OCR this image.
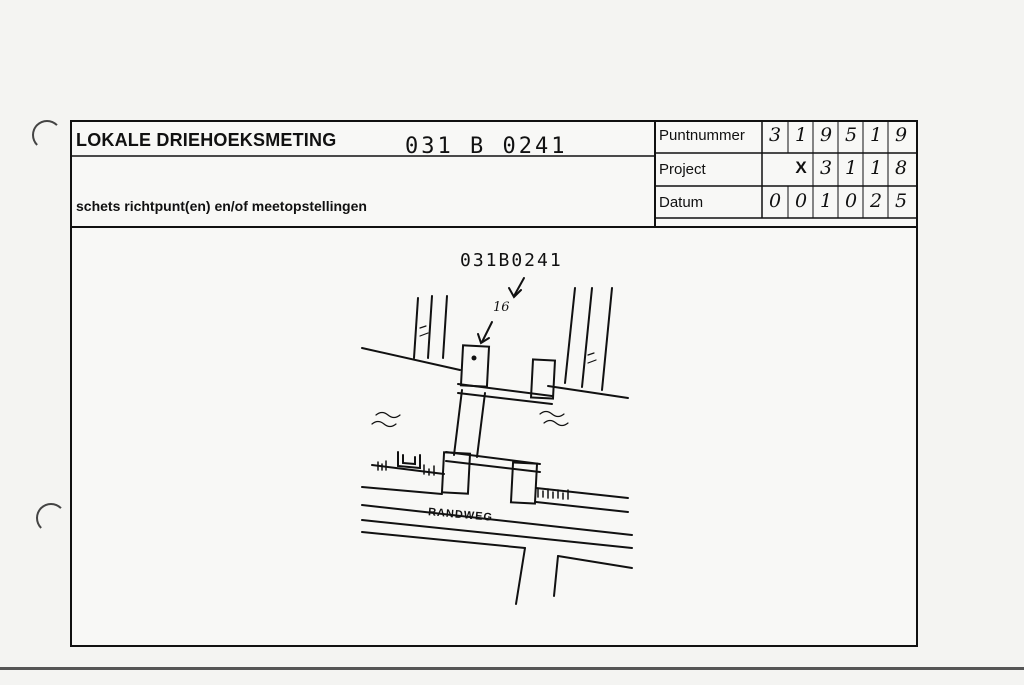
LOKALE DRIEHOEKSMETING	031 B 0241
schets richtpunt(en) en/of meetopstellingen
Puntnummer
Project
Datum
3 1 9 5 1 9
X 3 1 1 8
0 0 1 0 2 5
031B0241
16
RANDWEG
